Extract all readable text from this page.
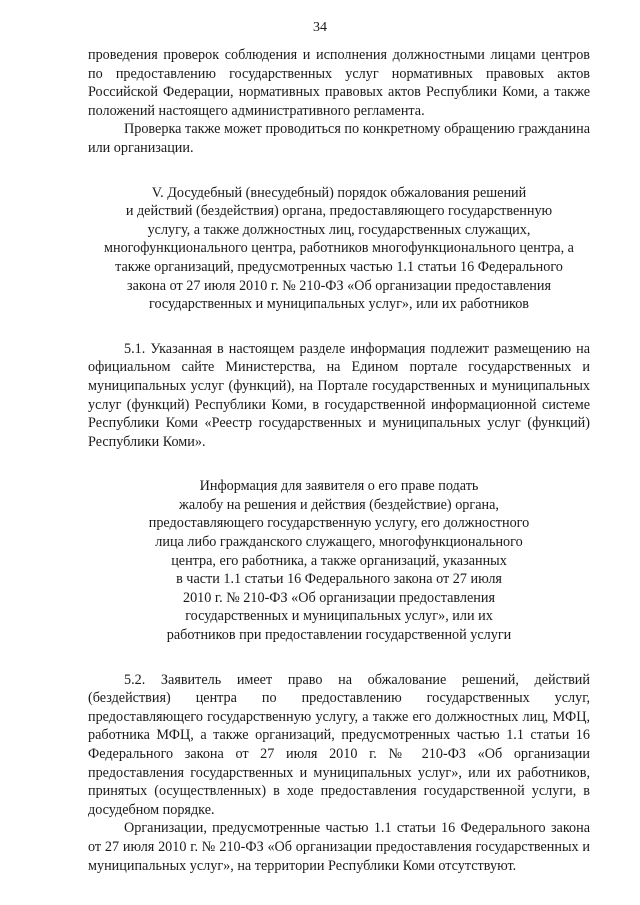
34

проведения проверок соблюдения и исполнения должностными лицами центров по предоставлению государственных услуг нормативных правовых актов Российской Федерации, нормативных правовых актов Республики Коми, а также положений настоящего административного регламента.

Проверка также может проводиться по конкретному обращению гражданина или организации.

V. Досудебный (внесудебный) порядок обжалования решений
и действий (бездействия) органа, предоставляющего государственную
услугу, а также должностных лиц, государственных служащих,
многофункционального центра, работников многофункционального центра, а
также организаций, предусмотренных частью 1.1 статьи 16 Федерального
закона от 27 июля 2010 г. № 210-ФЗ «Об организации предоставления
государственных и муниципальных услуг», или их работников

5.1. Указанная в настоящем разделе информация подлежит размещению на официальном сайте Министерства, на Едином портале государственных и муниципальных услуг (функций), на Портале государственных и муниципальных услуг (функций) Республики Коми, в государственной информационной системе Республики Коми «Реестр государственных и муниципальных услуг (функций) Республики Коми».

Информация для заявителя о его праве подать
жалобу на решения и действия (бездействие) органа,
предоставляющего государственную услугу, его должностного
лица либо гражданского служащего, многофункционального
центра, его работника, а также организаций, указанных
в части 1.1 статьи 16 Федерального закона от 27 июля
2010 г. № 210-ФЗ «Об организации предоставления
государственных и муниципальных услуг», или их
работников при предоставлении государственной услуги

5.2. Заявитель имеет право на обжалование решений, действий (бездействия) центра по предоставлению государственных услуг, предоставляющего государственную услугу, а также его должностных лиц, МФЦ, работника МФЦ, а также организаций, предусмотренных частью 1.1 статьи 16 Федерального закона от 27 июля 2010 г. № 210-ФЗ «Об организации предоставления государственных и муниципальных услуг», или их работников, принятых (осуществленных) в ходе предоставления государственной услуги, в досудебном порядке.

Организации, предусмотренные частью 1.1 статьи 16 Федерального закона от 27 июля 2010 г. № 210-ФЗ «Об организации предоставления государственных и муниципальных услуг», на территории Республики Коми отсутствуют.
